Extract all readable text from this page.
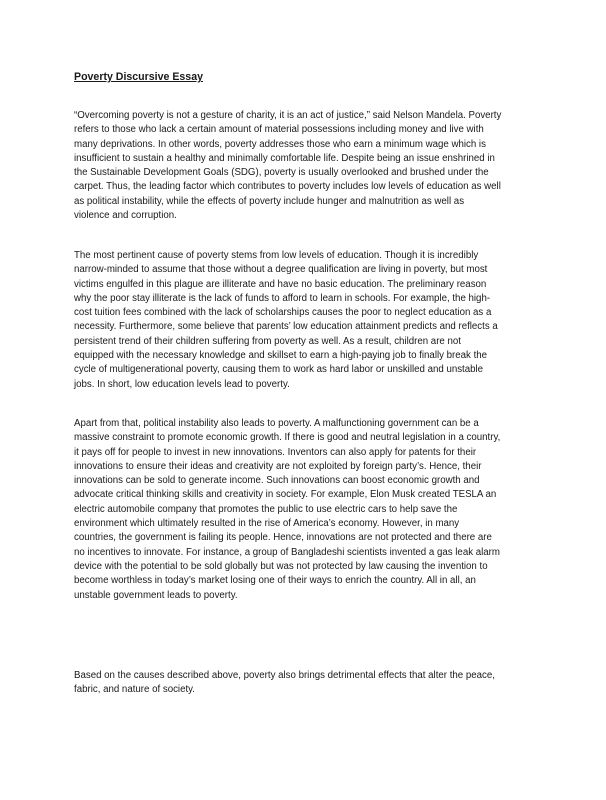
Poverty Discursive Essay

“Overcoming poverty is not a gesture of charity, it is an act of justice,” said Nelson Mandela. Poverty
refers to those who lack a certain amount of material possessions including money and live with
many deprivations. In other words, poverty addresses those who earn a minimum wage which is
insufficient to sustain a healthy and minimally comfortable life. Despite being an issue enshrined in
the Sustainable Development Goals (SDG), poverty is usually overlooked and brushed under the
carpet. Thus, the leading factor which contributes to poverty includes low levels of education as well
as political instability, while the effects of poverty include hunger and malnutrition as well as
violence and corruption.

The most pertinent cause of poverty stems from low levels of education. Though it is incredibly
narrow-minded to assume that those without a degree qualification are living in poverty, but most
victims engulfed in this plague are illiterate and have no basic education. The preliminary reason
why the poor stay illiterate is the lack of funds to afford to learn in schools. For example, the high-
cost tuition fees combined with the lack of scholarships causes the poor to neglect education as a
necessity. Furthermore, some believe that parents’ low education attainment predicts and reflects a
persistent trend of their children suffering from poverty as well. As a result, children are not
equipped with the necessary knowledge and skillset to earn a high-paying job to finally break the
cycle of multigenerational poverty, causing them to work as hard labor or unskilled and unstable
jobs. In short, low education levels lead to poverty.

Apart from that, political instability also leads to poverty. A malfunctioning government can be a
massive constraint to promote economic growth. If there is good and neutral legislation in a country,
it pays off for people to invest in new innovations. Inventors can also apply for patents for their
innovations to ensure their ideas and creativity are not exploited by foreign party’s. Hence, their
innovations can be sold to generate income. Such innovations can boost economic growth and
advocate critical thinking skills and creativity in society. For example, Elon Musk created TESLA an
electric automobile company that promotes the public to use electric cars to help save the
environment which ultimately resulted in the rise of America’s economy. However, in many
countries, the government is failing its people. Hence, innovations are not protected and there are
no incentives to innovate. For instance, a group of Bangladeshi scientists invented a gas leak alarm
device with the potential to be sold globally but was not protected by law causing the invention to
become worthless in today’s market losing one of their ways to enrich the country. All in all, an
unstable government leads to poverty.

Based on the causes described above, poverty also brings detrimental effects that alter the peace,
fabric, and nature of society.
